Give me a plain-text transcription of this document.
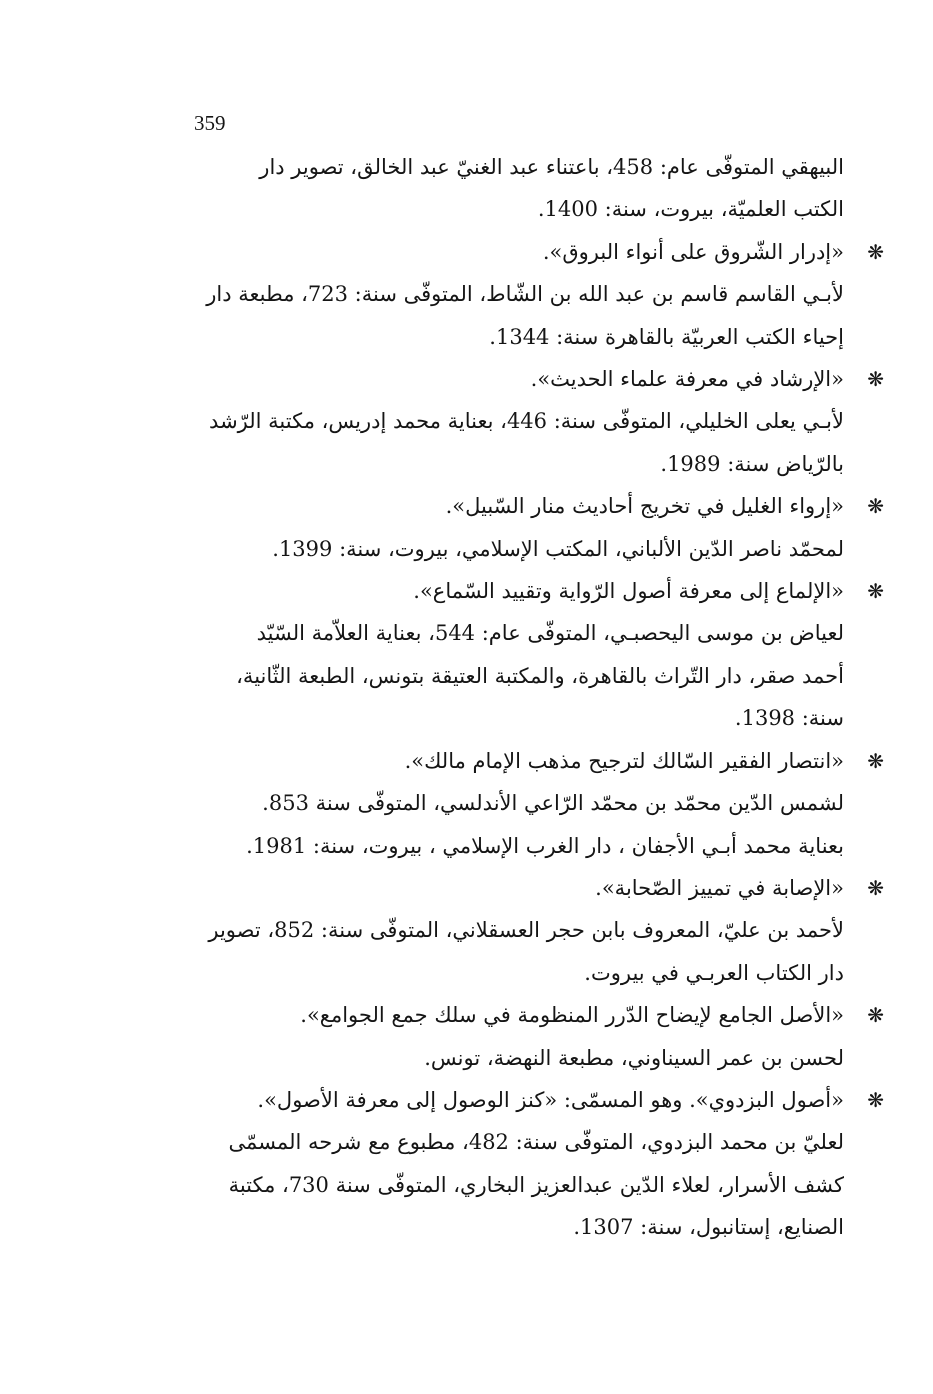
359
البيهقي المتوفّى عام: 458، باعتناء عبد الغنيّ عبد الخالق، تصوير دار
الكتب العلميّة، بيروت، سنة: 1400.
❋
«إدرار الشّروق على أنواء البروق».
لأبـي القاسم قاسم بن عبد الله بن الشّاط، المتوفّى سنة: 723، مطبعة دار
إحياء الكتب العربيّة بالقاهرة سنة: 1344.
❋
«الإرشاد في معرفة علماء الحديث».
لأبـي يعلى الخليلي، المتوفّى سنة: 446، بعناية محمد إدريس، مكتبة الرّشد
بالرّياض سنة: 1989.
❋
«إرواء الغليل في تخريج أحاديث منار السّبيل».
لمحمّد ناصر الدّين الألباني، المكتب الإسلامي، بيروت، سنة: 1399.
❋
«الإلماع إلى معرفة أصول الرّواية وتقييد السّماع».
لعياض بن موسى اليحصبـي، المتوفّى عام: 544، بعناية العلاّمة السّيّد
أحمد صقر، دار التّراث بالقاهرة، والمكتبة العتيقة بتونس، الطبعة الثّانية،
سنة: 1398.
❋
«انتصار الفقير السّالك لترجيح مذهب الإمام مالك».
لشمس الدّين محمّد بن محمّد الرّاعي الأندلسي، المتوفّى سنة 853.
بعناية محمد أبـي الأجفان ، دار الغرب الإسلامي ، بيروت، سنة: 1981.
❋
«الإصابة في تمييز الصّحابة».
لأحمد بن عليّ، المعروف بابن حجر العسقلاني، المتوفّى سنة: 852، تصوير
دار الكتاب العربـي في بيروت.
❋
«الأصل الجامع لإيضاح الدّرر المنظومة في سلك جمع الجوامع».
لحسن بن عمر السيناوني، مطبعة النهضة، تونس.
❋
«أصول البزدوي». وهو المسمّى: «كنز الوصول إلى معرفة الأصول».
لعليّ بن محمد البزدوي، المتوفّى سنة: 482، مطبوع مع شرحه المسمّى
كشف الأسرار، لعلاء الدّين عبدالعزيز البخاري، المتوفّى سنة 730، مكتبة
الصنايع، إستانبول، سنة: 1307.
